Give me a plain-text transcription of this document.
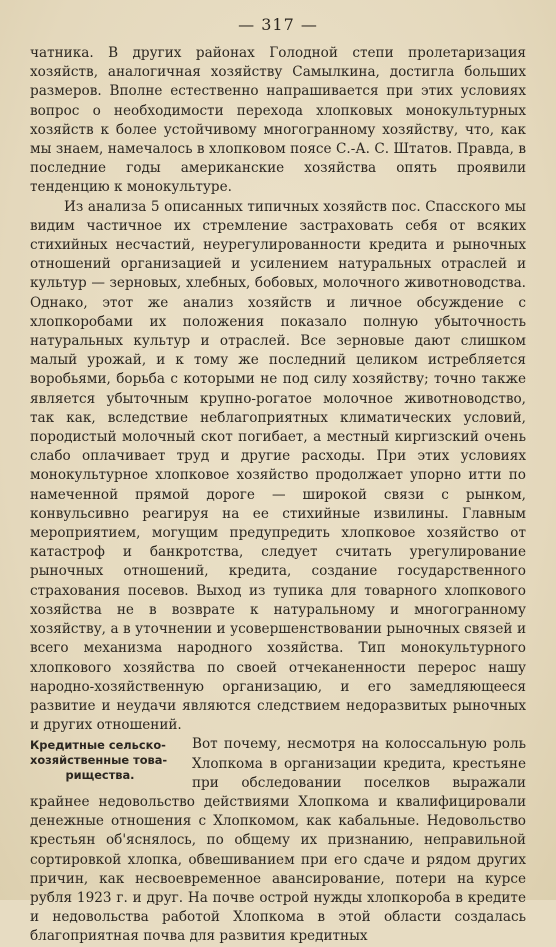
— 317 —

чатника. В других районах Голодной степи пролетаризация хозяйств, аналогичная хозяйству Самылкина, достигла больших размеров. Вполне естественно напрашивается при этих условиях вопрос о необходимости перехода хлопковых монокультурных хозяйств к более устойчивому многогранному хозяйству, что, как мы знаем, намечалось в хлопковом поясе С.-А. С. Штатов. Правда, в последние годы американские хозяйства опять проявили тенденцию к монокультуре.

Из анализа 5 описанных типичных хозяйств пос. Спасского мы видим частичное их стремление застраховать себя от всяких стихийных несчастий, неурегулированности кредита и рыночных отношений организацией и усилением натуральных отраслей и культур — зерновых, хлебных, бобовых, молочного животноводства. Однако, этот же анализ хозяйств и личное обсуждение с хлопкоробами их положения показало полную убыточность натуральных культур и отраслей. Все зерновые дают слишком малый урожай, и к тому же последний целиком истребляется воробьями, борьба с которыми не под силу хозяйству; точно также является убыточным крупно-рогатое молочное животноводство, так как, вследствие неблагоприятных климатических условий, породистый молочный скот погибает, а местный киргизский очень слабо оплачивает труд и другие расходы. При этих условиях монокультурное хлопковое хозяйство продолжает упорно итти по намеченной прямой дороге — широкой связи с рынком, конвульсивно реагируя на ее стихийные извилины. Главным мероприятием, могущим предупредить хлопковое хозяйство от катастроф и банкротства, следует считать урегулирование рыночных отношений, кредита, создание государственного страхования посевов. Выход из тупика для товарного хлопкового хозяйства не в возврате к натуральному и многогранному хозяйству, а в уточнении и усовершенствовании рыночных связей и всего механизма народного хозяйства. Тип монокультурного хлопкового хозяйства по своей отчеканенности перерос нашу народно-хозяйственную организацию, и его замедляющееся развитие и неудачи являются следствием недоразвитых рыночных и других отношений.

Кредитные сельско-
хозяйственные това-
рищества.

Вот почему, несмотря на колоссальную роль Хлопкома в организации кредита, крестьяне при обследовании поселков выражали крайнее недовольство действиями Хлопкома и квалифицировали денежные отношения с Хлопкомом, как кабальные. Недовольство крестьян об'яснялось, по общему их признанию, неправильной сортировкой хлопка, обвешиванием при его сдаче и рядом других причин, как несвоевременное авансирование, потери на курсе рубля 1923 г. и друг. На почве острой нужды хлопкороба в кредите и недовольства работой Хлопкома в этой области создалась благоприятная почва для развития кредитных
